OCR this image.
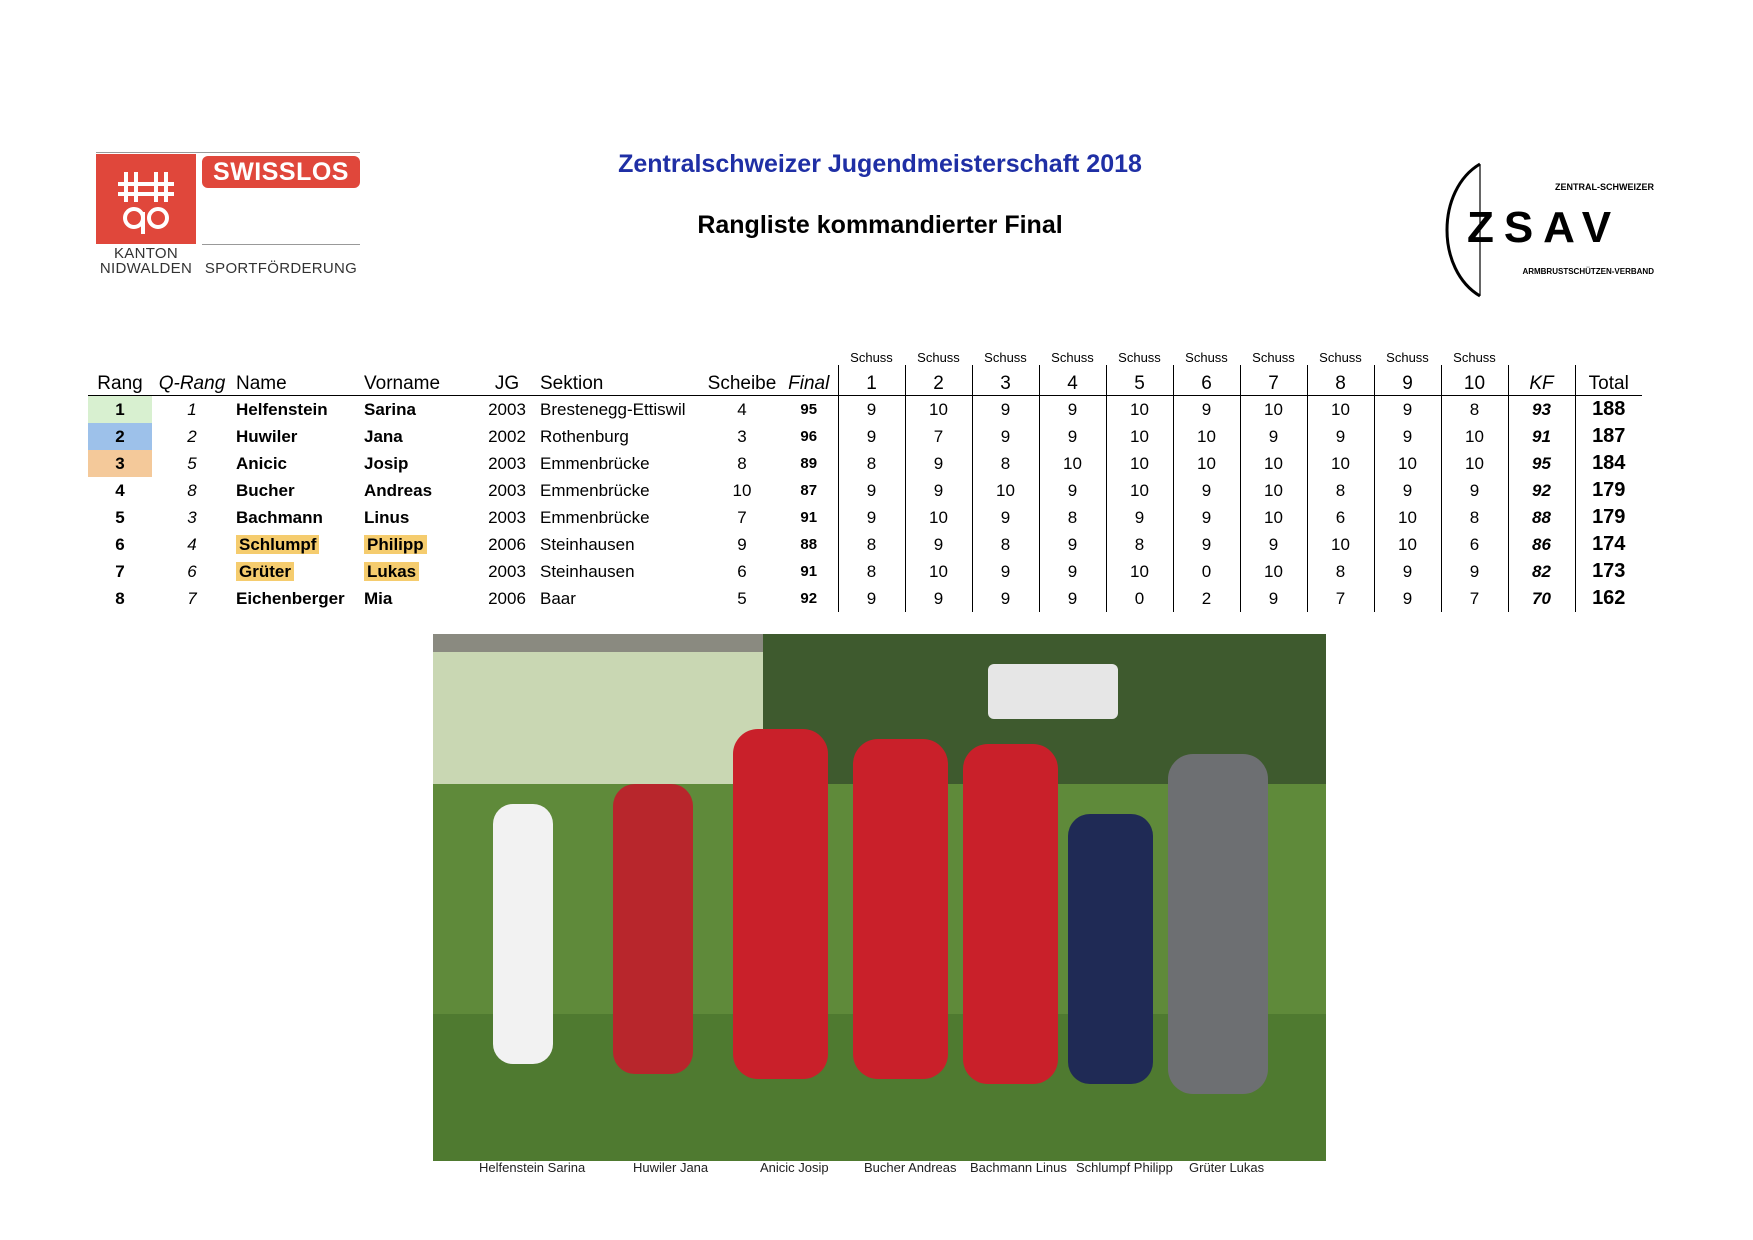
SWISSLOS
KANTON
NIDWALDEN SPORTFÖRDERUNG
Zentralschweizer Jugendmeisterschaft 2018
Rangliste kommandierter Final
ZENTRAL-SCHWEIZER
ZSAV
ARMBRUSTSCHÜTZEN-VERBAND
								Schuss	Schuss	Schuss	Schuss	Schuss	Schuss	Schuss	Schuss	Schuss	Schuss		
Rang	Q-Rang	Name	Vorname	JG	Sektion	Scheibe	Final	1	2	3	4	5	6	7	8	9	10	KF	Total
1	1	Helfenstein	Sarina	2003	Brestenegg-Ettiswil	4	95	9	10	9	9	10	9	10	10	9	8	93	188
2	2	Huwiler	Jana	2002	Rothenburg	3	96	9	7	9	9	10	10	9	9	9	10	91	187
3	5	Anicic	Josip	2003	Emmenbrücke	8	89	8	9	8	10	10	10	10	10	10	10	95	184
4	8	Bucher	Andreas	2003	Emmenbrücke	10	87	9	9	10	9	10	9	10	8	9	9	92	179
5	3	Bachmann	Linus	2003	Emmenbrücke	7	91	9	10	9	8	9	9	10	6	10	8	88	179
6	4	Schlumpf	Philipp	2006	Steinhausen	9	88	8	9	8	9	8	9	9	10	10	6	86	174
7	6	Grüter	Lukas	2003	Steinhausen	6	91	8	10	9	9	10	0	10	8	9	9	82	173
8	7	Eichenberger	Mia	2006	Baar	5	92	9	9	9	9	0	2	9	7	9	7	70	162
Helfenstein Sarina	Huwiler Jana	Anicic Josip	Bucher Andreas Bachmann Linus Schlumpf Philipp Grüter Lukas
